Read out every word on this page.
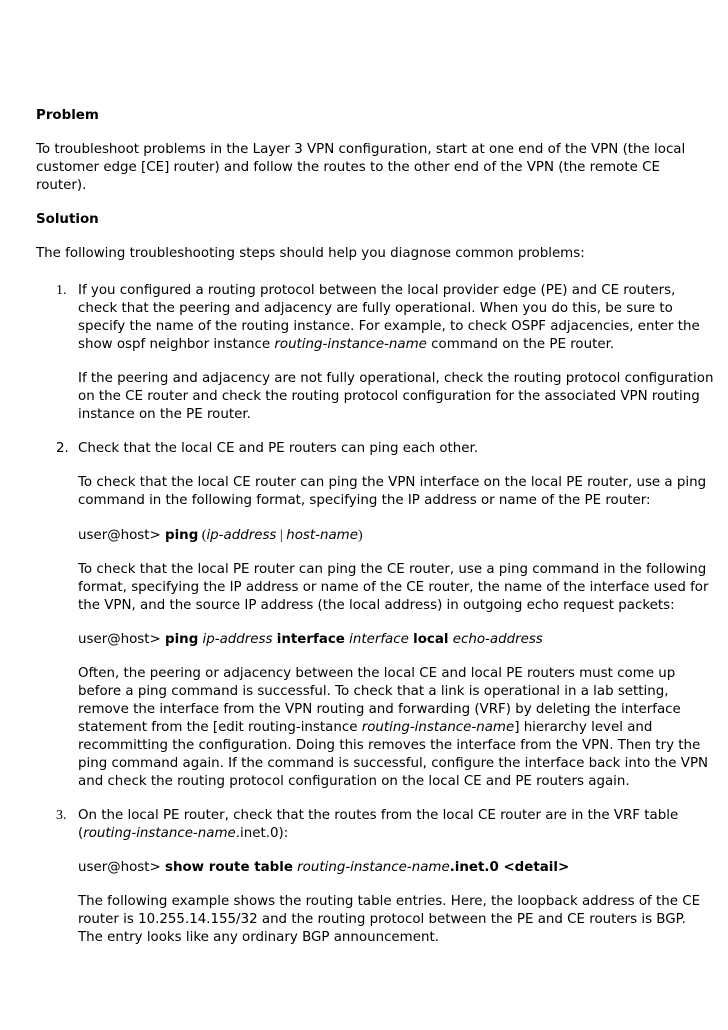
Problem
To troubleshoot problems in the Layer 3 VPN configuration, start at one end of the VPN (the local
customer edge [CE] router) and follow the routes to the other end of the VPN (the remote CE
router).
Solution
The following troubleshooting steps should help you diagnose common problems:
1. If you configured a routing protocol between the local provider edge (PE) and CE routers,
check that the peering and adjacency are fully operational. When you do this, be sure to
specify the name of the routing instance. For example, to check OSPF adjacencies, enter the
show ospf neighbor instance routing-instance-name command on the PE router.
If the peering and adjacency are not fully operational, check the routing protocol configuration
on the CE router and check the routing protocol configuration for the associated VPN routing
instance on the PE router.
2. Check that the local CE and PE routers can ping each other.
To check that the local CE router can ping the VPN interface on the local PE router, use a ping
command in the following format, specifying the IP address or name of the PE router:
user@host> ping (ip-address | host-name)
To check that the local PE router can ping the CE router, use a ping command in the following
format, specifying the IP address or name of the CE router, the name of the interface used for
the VPN, and the source IP address (the local address) in outgoing echo request packets:
user@host> ping ip-address interface interface local echo-address
Often, the peering or adjacency between the local CE and local PE routers must come up
before a ping command is successful. To check that a link is operational in a lab setting,
remove the interface from the VPN routing and forwarding (VRF) by deleting the interface
statement from the [edit routing-instance routing-instance-name] hierarchy level and
recommitting the configuration. Doing this removes the interface from the VPN. Then try the
ping command again. If the command is successful, configure the interface back into the VPN
and check the routing protocol configuration on the local CE and PE routers again.
3. On the local PE router, check that the routes from the local CE router are in the VRF table
(routing-instance-name.inet.0):
user@host> show route table routing-instance-name.inet.0 <detail>
The following example shows the routing table entries. Here, the loopback address of the CE
router is 10.255.14.155/32 and the routing protocol between the PE and CE routers is BGP.
The entry looks like any ordinary BGP announcement.
